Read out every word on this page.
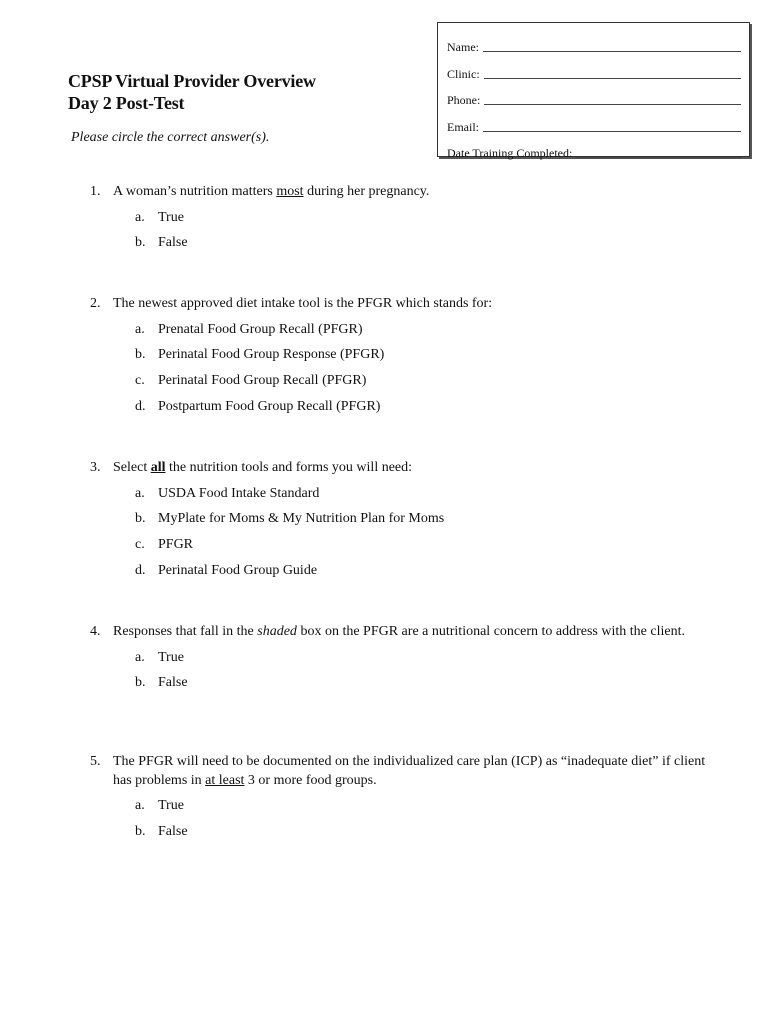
CPSP Virtual Provider Overview
Day 2 Post-Test
Please circle the correct answer(s).
Name:
Clinic:
Phone:
Email:
Date Training Completed:
1. A woman’s nutrition matters most during her pregnancy.
a. True
b. False
2. The newest approved diet intake tool is the PFGR which stands for:
a. Prenatal Food Group Recall (PFGR)
b. Perinatal Food Group Response (PFGR)
c. Perinatal Food Group Recall (PFGR)
d. Postpartum Food Group Recall (PFGR)
3. Select all the nutrition tools and forms you will need:
a. USDA Food Intake Standard
b. MyPlate for Moms & My Nutrition Plan for Moms
c. PFGR
d. Perinatal Food Group Guide
4. Responses that fall in the shaded box on the PFGR are a nutritional concern to address with the client.
a. True
b. False
5. The PFGR will need to be documented on the individualized care plan (ICP) as “inadequate diet” if client has problems in at least 3 or more food groups.
a. True
b. False
